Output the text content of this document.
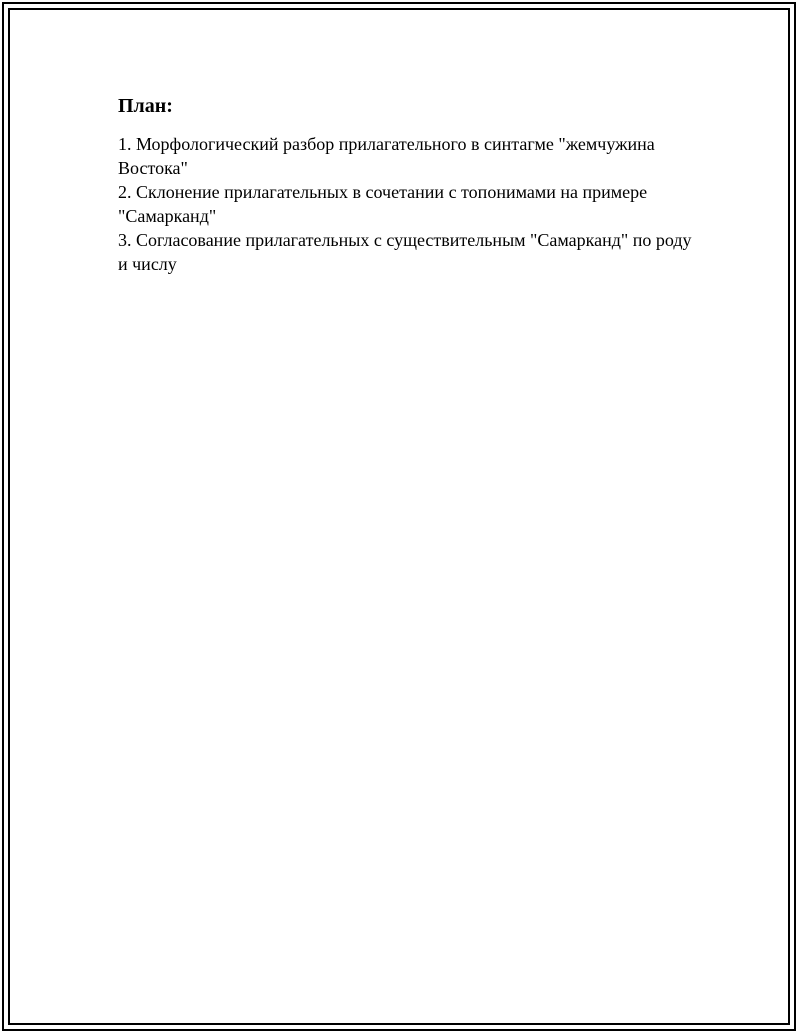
План:
1. Морфологический разбор прилагательного в синтагме "жемчужина Востока"
2. Склонение прилагательных в сочетании с топонимами на примере "Самарканд"
3. Согласование прилагательных с существительным "Самарканд" по роду и числу
